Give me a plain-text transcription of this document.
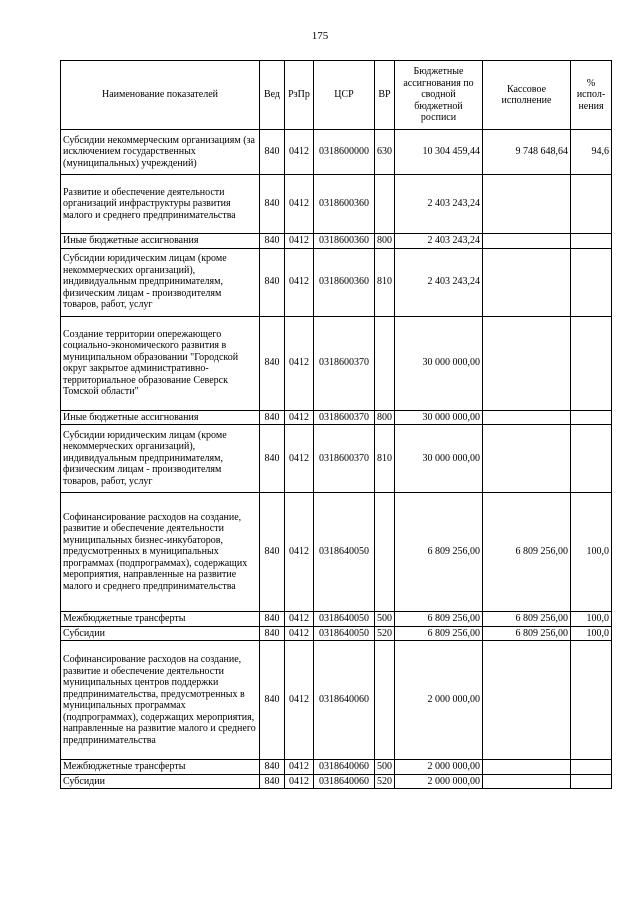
175
Наименование показателей	Вед	РзПр	ЦСР	ВР	Бюджетные ассигнования по сводной бюджетной росписи	Кассовое исполнение	% испол-нения
Субсидии некоммерческим организациям (за исключением государственных (муниципальных) учреждений)	840	0412	0318600000	630	10 304 459,44	9 748 648,64	94,6
Развитие и обеспечение деятельности организаций инфраструктуры развития малого и среднего предпринимательства	840	0412	0318600360		2 403 243,24		
Иные бюджетные ассигнования	840	0412	0318600360	800	2 403 243,24		
Субсидии юридическим лицам (кроме некоммерческих организаций), индивидуальным предпринимателям, физическим лицам - производителям товаров, работ, услуг	840	0412	0318600360	810	2 403 243,24		
Создание территории опережающего социально-экономического развития в муниципальном образовании "Городской округ закрытое административно-территориальное образование Северск Томской области"	840	0412	0318600370		30 000 000,00		
Иные бюджетные ассигнования	840	0412	0318600370	800	30 000 000,00		
Субсидии юридическим лицам (кроме некоммерческих организаций), индивидуальным предпринимателям, физическим лицам - производителям товаров, работ, услуг	840	0412	0318600370	810	30 000 000,00		
Софинансирование расходов на создание, развитие и обеспечение деятельности муниципальных бизнес-инкубаторов, предусмотренных в муниципальных программах (подпрограммах), содержащих мероприятия, направленные на развитие малого и среднего предпринимательства	840	0412	0318640050		6 809 256,00	6 809 256,00	100,0
Межбюджетные трансферты	840	0412	0318640050	500	6 809 256,00	6 809 256,00	100,0
Субсидии	840	0412	0318640050	520	6 809 256,00	6 809 256,00	100,0
Софинансирование расходов на создание, развитие и обеспечение деятельности муниципальных центров поддержки предпринимательства, предусмотренных в муниципальных программах (подпрограммах), содержащих мероприятия, направленные на развитие малого и среднего предпринимательства	840	0412	0318640060		2 000 000,00		
Межбюджетные трансферты	840	0412	0318640060	500	2 000 000,00		
Субсидии	840	0412	0318640060	520	2 000 000,00		
